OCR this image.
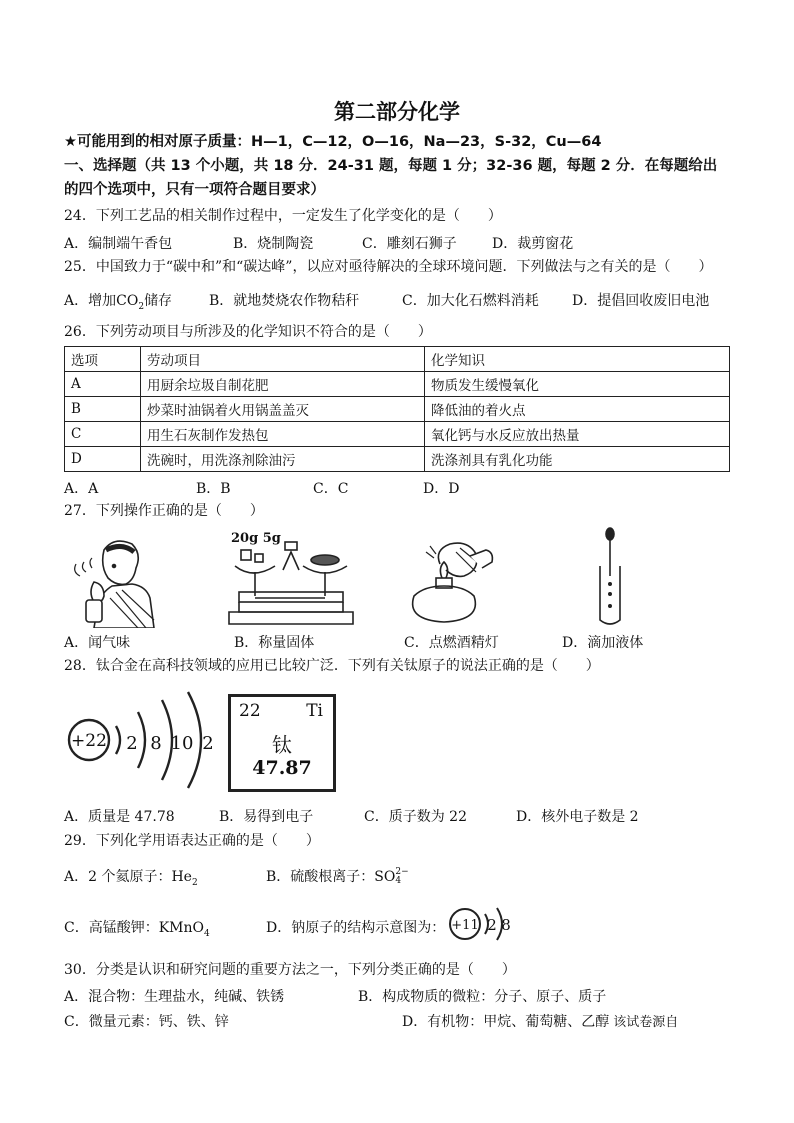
第二部分化学
★可能用到的相对原子质量：H—1，C—12，O—16，Na—23，S-32，Cu—64
一、选择题（共 13 个小题，共 18 分．24-31 题，每题 1 分；32-36 题，每题 2 分．在每题给出
的四个选项中，只有一项符合题目要求）
24．下列工艺品的相关制作过程中，一定发生了化学变化的是（　　）
A．编制端午香包	B．烧制陶瓷	C．雕刻石狮子	D．裁剪窗花
25．中国致力于“碳中和”和“碳达峰”，以应对亟待解决的全球环境问题．下列做法与之有关的是（　　）
A．增加$CO_2$储存	B．就地焚烧农作物秸秆	C．加大化石燃料消耗 D．提倡回收废旧电池
26．下列劳动项目与所涉及的化学知识不符合的是（　　）
选项	劳动项目	化学知识
A	用厨余垃圾自制花肥	物质发生缓慢氧化
B	炒菜时油锅着火用锅盖盖灭	降低油的着火点
C	用生石灰制作发热包	氧化钙与水反应放出热量
D	洗碗时，用洗涤剂除油污	洗涤剂具有乳化功能
A．A	B．B	C．C	D．D
27．下列操作正确的是（　　）
20g 5g
A．闻气味	B．称量固体	C．点燃酒精灯	D．滴加液体
28．钛合金在高科技领域的应用已比较广泛．下列有关钛原子的说法正确的是（　　）
+22 2 8 10 2
22	Ti
钛
47.87
A．质量是 47.78	B．易得到电子	C．质子数为 22	D．核外电子数是 2
29．下列化学用语表达正确的是（　　）
A．2 个氦原子：$He_2$	B．硫酸根离子：SO 2−
4
C．高锰酸钾：KMnO$_4$	D．钠原子的结构示意图为： +11 2 8
30．分类是认识和研究问题的重要方法之一，下列分类正确的是（　　）
A．混合物：生理盐水，纯碱、铁锈	B．构成物质的微粒：分子、原子、质子
C．微量元素：钙、铁、锌	D．有机物：甲烷、葡萄糖、乙醇 该试卷源自
